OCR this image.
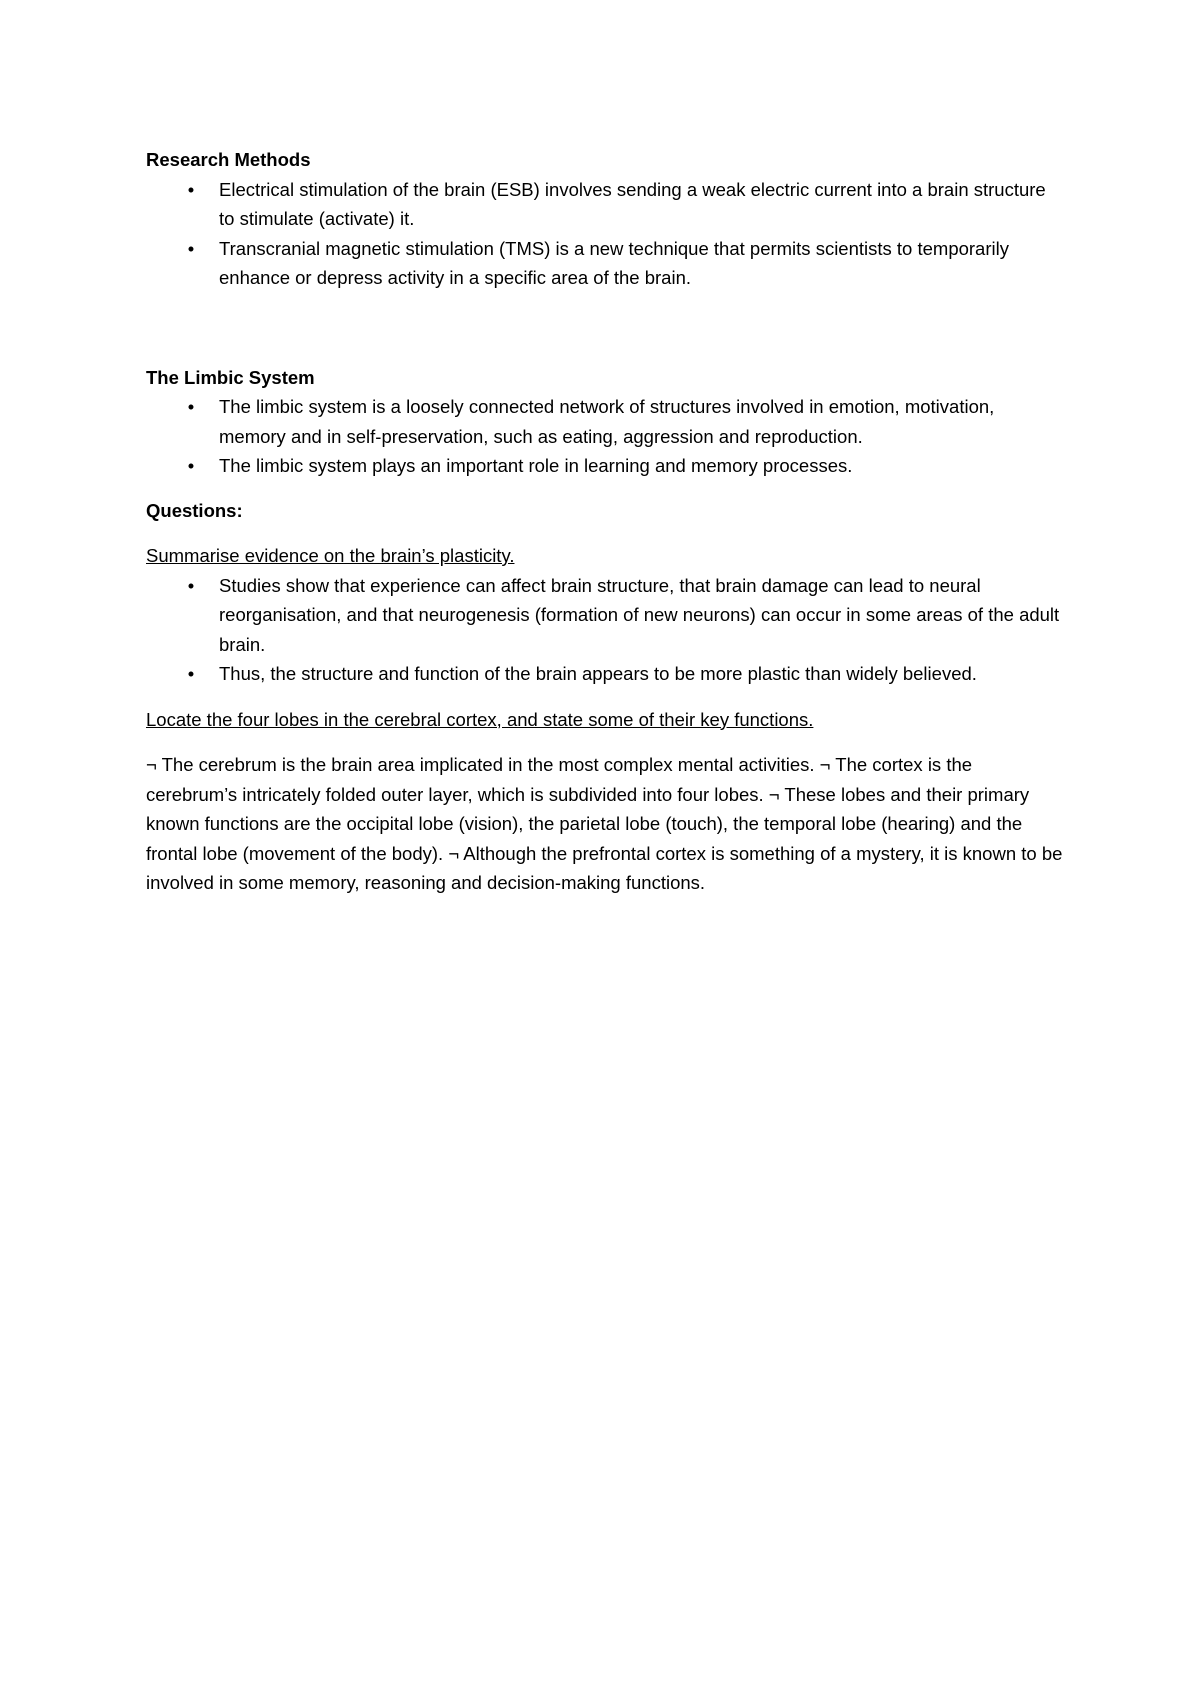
Research Methods

• Electrical stimulation of the brain (ESB) involves sending a weak electric current into a brain structure to stimulate (activate) it.
• Transcranial magnetic stimulation (TMS) is a new technique that permits scientists to temporarily enhance or depress activity in a specific area of the brain.

The Limbic System

• The limbic system is a loosely connected network of structures involved in emotion, motivation, memory and in self-preservation, such as eating, aggression and reproduction.
• The limbic system plays an important role in learning and memory processes.

Questions:

Summarise evidence on the brain’s plasticity.

• Studies show that experience can affect brain structure, that brain damage can lead to neural reorganisation, and that neurogenesis (formation of new neurons) can occur in some areas of the adult brain.
• Thus, the structure and function of the brain appears to be more plastic than widely believed.

Locate the four lobes in the cerebral cortex, and state some of their key functions.

¬ The cerebrum is the brain area implicated in the most complex mental activities. ¬ The cortex is the cerebrum’s intricately folded outer layer, which is subdivided into four lobes. ¬ These lobes and their primary known functions are the occipital lobe (vision), the parietal lobe (touch), the temporal lobe (hearing) and the frontal lobe (movement of the body). ¬ Although the prefrontal cortex is something of a mystery, it is known to be involved in some memory, reasoning and decision-making functions.
